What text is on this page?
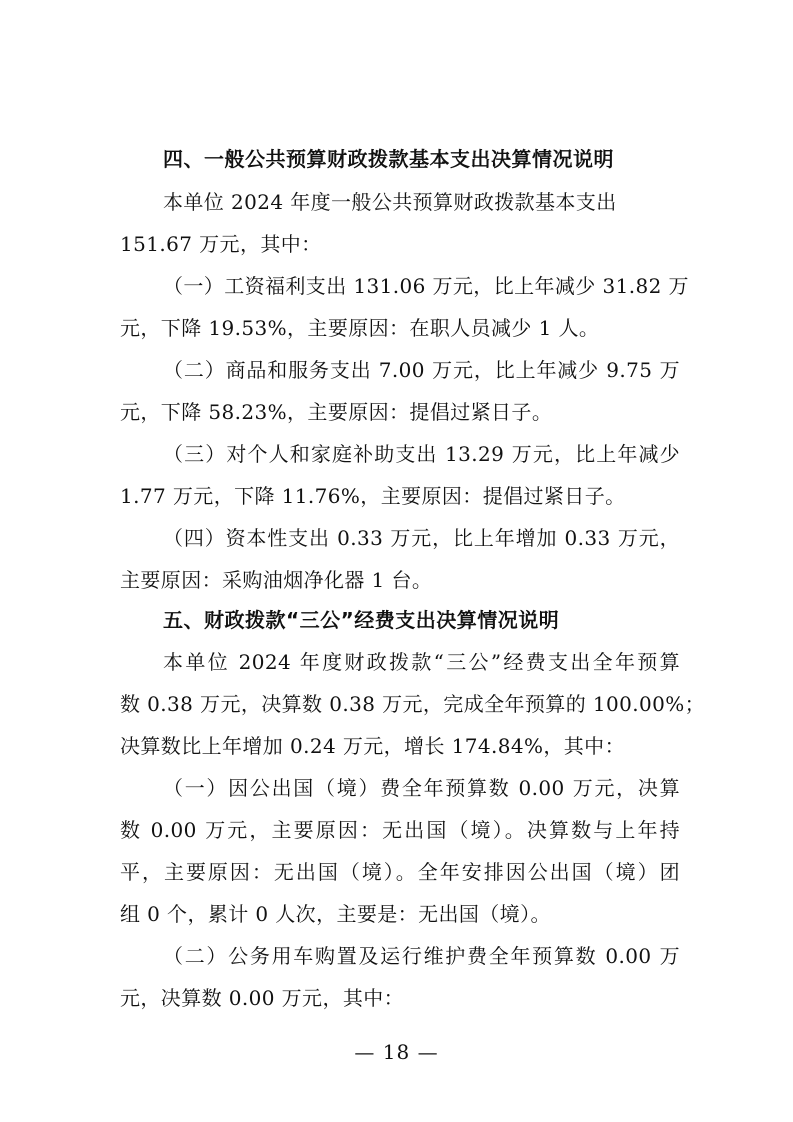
四、一般公共预算财政拨款基本支出决算情况说明
本单位 2024 年度一般公共预算财政拨款基本支出
151.67 万元，其中：
（一）工资福利支出 131.06 万元，比上年减少 31.82 万
元，下降 19.53%，主要原因：在职人员减少 1 人。
（二）商品和服务支出 7.00 万元，比上年减少 9.75 万
元，下降 58.23%，主要原因：提倡过紧日子。
（三）对个人和家庭补助支出 13.29 万元，比上年减少
1.77 万元，下降 11.76%，主要原因：提倡过紧日子。
（四）资本性支出 0.33 万元，比上年增加 0.33 万元，
主要原因：采购油烟净化器 1 台。
五、财政拨款“三公”经费支出决算情况说明
本单位 2024 年度财政拨款“三公”经费支出全年预算
数 0.38 万元，决算数 0.38 万元，完成全年预算的 100.00%；
决算数比上年增加 0.24 万元，增长 174.84%，其中：
（一）因公出国（境）费全年预算数 0.00 万元，决算
数 0.00 万元，主要原因：无出国（境）。决算数与上年持
平，主要原因：无出国（境）。全年安排因公出国（境）团
组 0 个，累计 0 人次，主要是：无出国（境）。
（二）公务用车购置及运行维护费全年预算数 0.00 万
元，决算数 0.00 万元，其中：
— 18 —
